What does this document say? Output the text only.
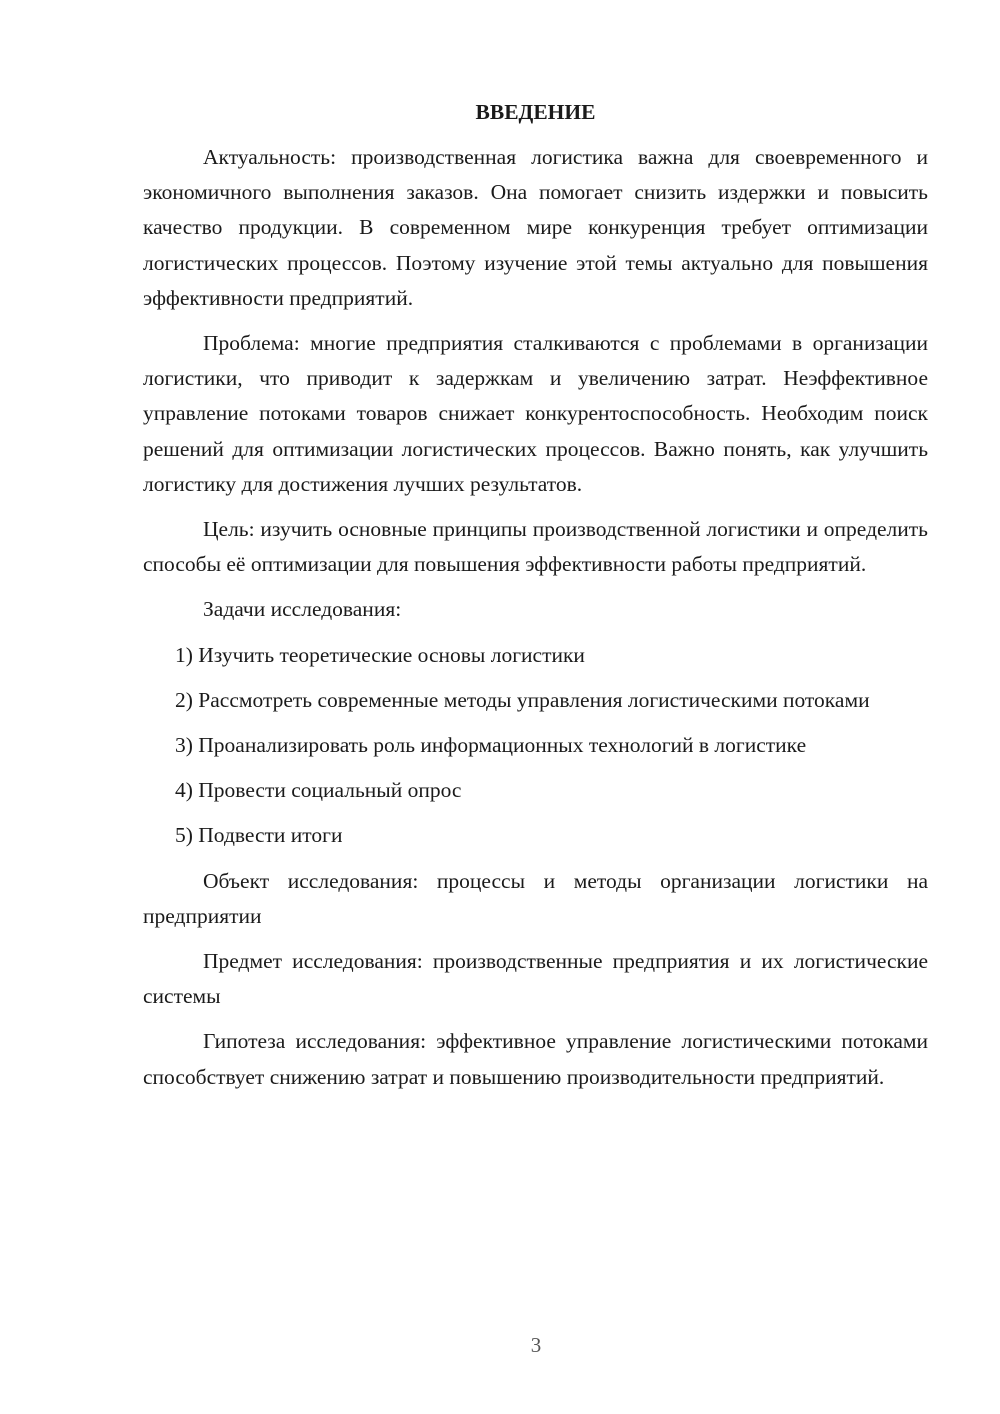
ВВЕДЕНИЕ

Актуальность: производственная логистика важна для своевременного и экономичного выполнения заказов. Она помогает снизить издержки и повысить качество продукции. В современном мире конкуренция требует оптимизации логистических процессов. Поэтому изучение этой темы актуально для повышения эффективности предприятий.

Проблема: многие предприятия сталкиваются с проблемами в организации логистики, что приводит к задержкам и увеличению затрат. Неэффективное управление потоками товаров снижает конкурентоспособность. Необходим поиск решений для оптимизации логистических процессов. Важно понять, как улучшить логистику для достижения лучших результатов.

Цель: изучить основные принципы производственной логистики и определить способы её оптимизации для повышения эффективности работы предприятий.

Задачи исследования:

1) Изучить теоретические основы логистики

2) Рассмотреть современные методы управления логистическими потоками

3) Проанализировать роль информационных технологий в логистике

4) Провести социальный опрос

5) Подвести итоги

Объект исследования: процессы и методы организации логистики на предприятии

Предмет исследования: производственные предприятия и их логистические системы

Гипотеза исследования: эффективное управление логистическими потоками способствует снижению затрат и повышению производительности предприятий.

3
